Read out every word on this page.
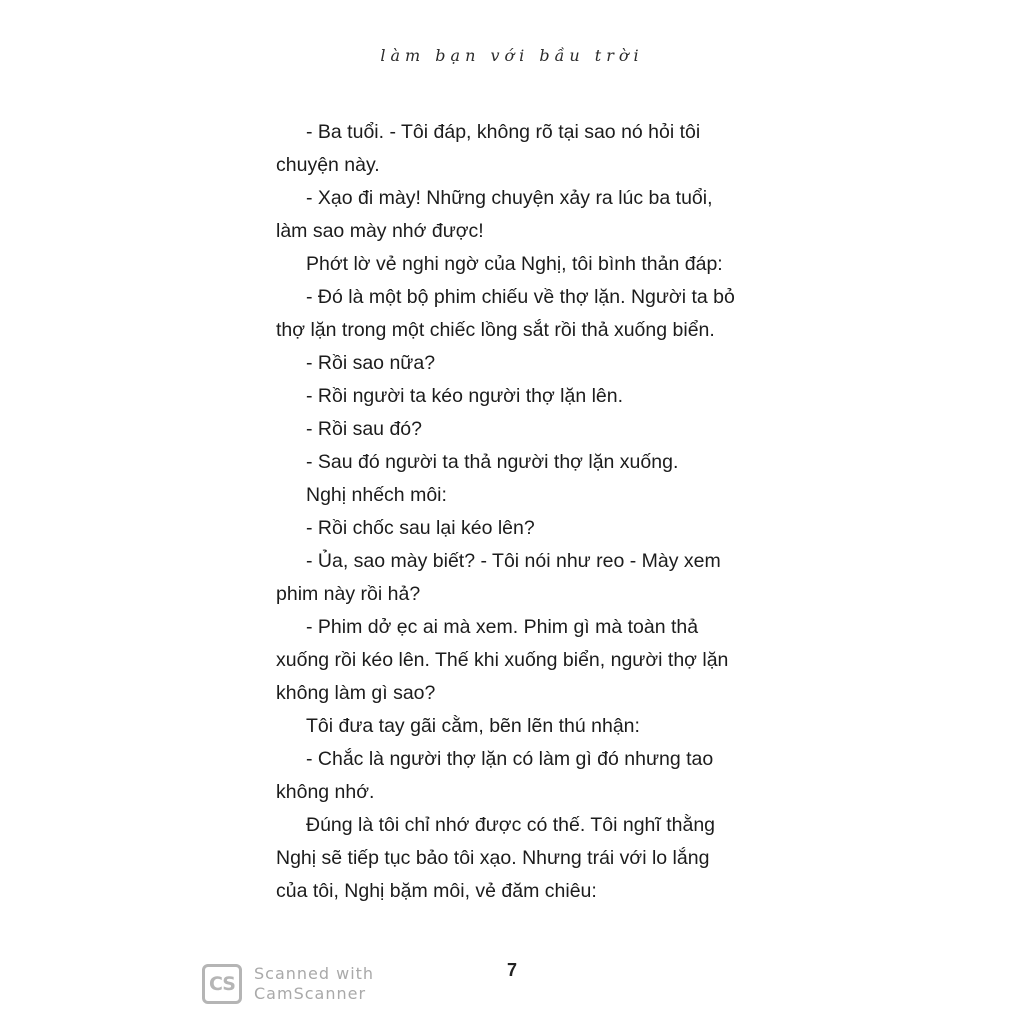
làm bạn với bầu trời

- Ba tuổi. - Tôi đáp, không rõ tại sao nó hỏi tôi chuyện này.

- Xạo đi mày! Những chuyện xảy ra lúc ba tuổi, làm sao mày nhớ được!

Phớt lờ vẻ nghi ngờ của Nghị, tôi bình thản đáp:

- Đó là một bộ phim chiếu về thợ lặn. Người ta bỏ thợ lặn trong một chiếc lồng sắt rồi thả xuống biển.

- Rồi sao nữa?

- Rồi người ta kéo người thợ lặn lên.

- Rồi sau đó?

- Sau đó người ta thả người thợ lặn xuống.

Nghị nhếch môi:

- Rồi chốc sau lại kéo lên?

- Ủa, sao mày biết? - Tôi nói như reo - Mày xem phim này rồi hả?

- Phim dở ẹc ai mà xem. Phim gì mà toàn thả xuống rồi kéo lên. Thế khi xuống biển, người thợ lặn không làm gì sao?

Tôi đưa tay gãi cằm, bẽn lẽn thú nhận:

- Chắc là người thợ lặn có làm gì đó nhưng tao không nhớ.

Đúng là tôi chỉ nhớ được có thế. Tôi nghĩ thằng Nghị sẽ tiếp tục bảo tôi xạo. Nhưng trái với lo lắng của tôi, Nghị bặm môi, vẻ đăm chiêu:

7
CS	Scanned with
CamScanner
